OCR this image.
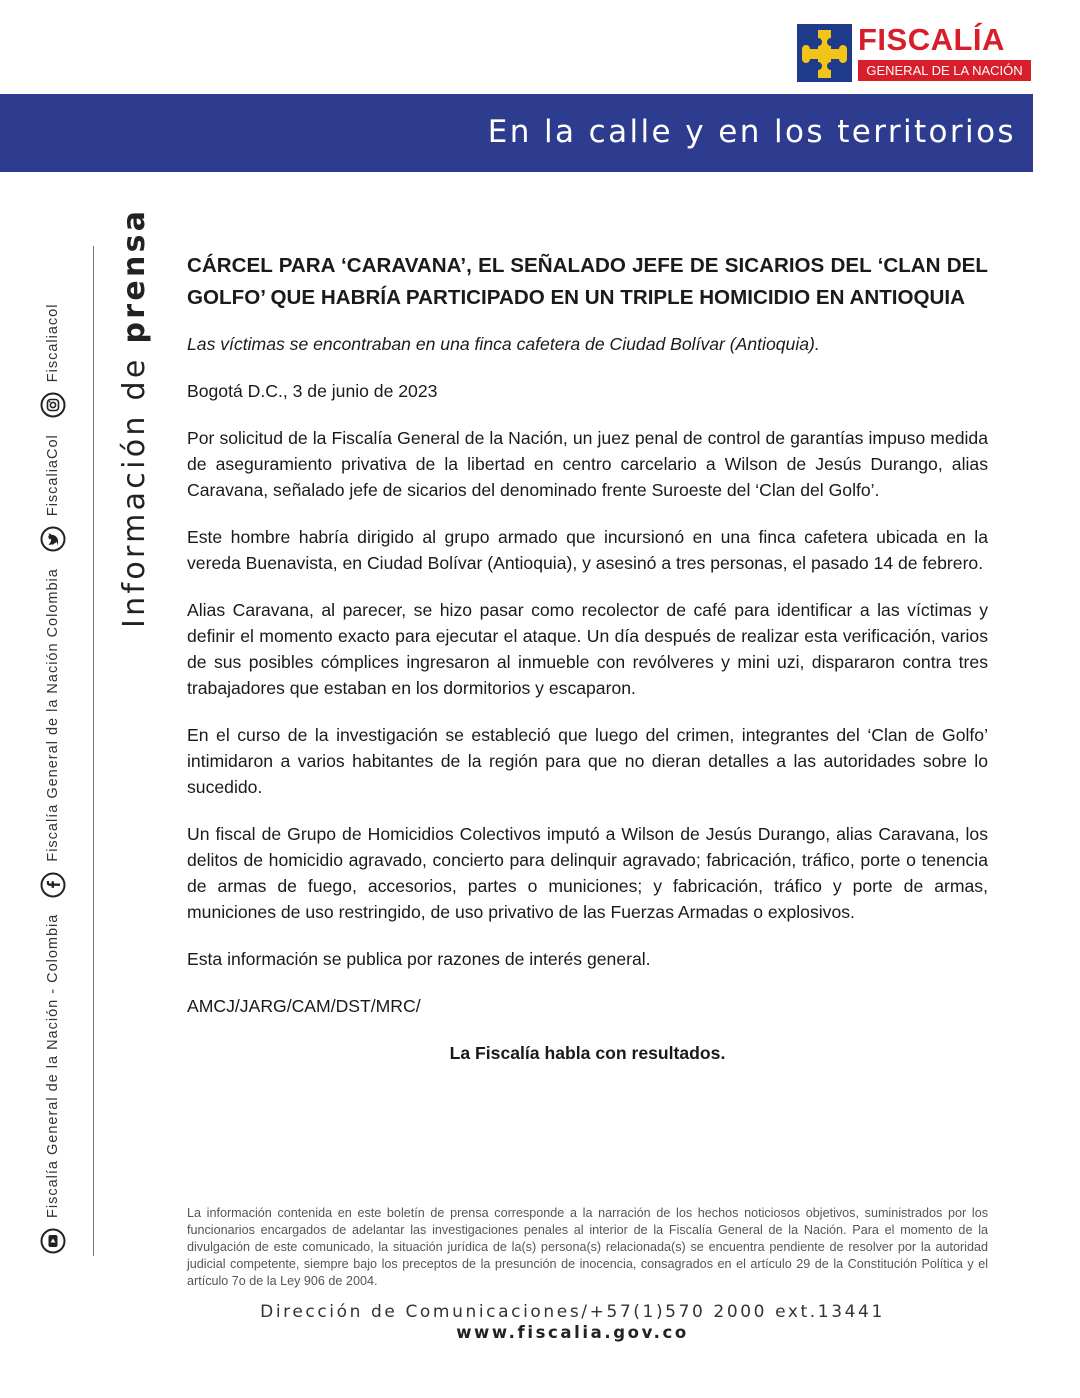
FISCALÍA
GENERAL DE LA NACIÓN
En la calle y en los territorios
Fiscalía General de la Nación - Colombia
Fiscalía General de la Nación Colombia
FiscaliaCol
Fiscaliacol
Información de prensa CÁRCEL PARA ‘CARAVANA’, EL SEÑALADO JEFE DE SICARIOS DEL ‘CLAN DEL GOLFO’ QUE HABRÍA PARTICIPADO EN UN TRIPLE HOMICIDIO EN ANTIOQUIA

Las víctimas se encontraban en una finca cafetera de Ciudad Bolívar (Antioquia).

Bogotá D.C., 3 de junio de 2023

Por solicitud de la Fiscalía General de la Nación, un juez penal de control de garantías impuso medida de aseguramiento privativa de la libertad en centro carcelario a Wilson de Jesús Durango, alias Caravana, señalado jefe de sicarios del denominado frente Suroeste del ‘Clan del Golfo’.

Este hombre habría dirigido al grupo armado que incursionó en una finca cafetera ubicada en la vereda Buenavista, en Ciudad Bolívar (Antioquia), y asesinó a tres personas, el pasado 14 de febrero.

Alias Caravana, al parecer, se hizo pasar como recolector de café para identificar a las víctimas y definir el momento exacto para ejecutar el ataque. Un día después de realizar esta verificación, varios de sus posibles cómplices ingresaron al inmueble con revólveres y mini uzi, dispararon contra tres trabajadores que estaban en los dormitorios y escaparon.

En el curso de la investigación se estableció que luego del crimen, integrantes del ‘Clan de Golfo’ intimidaron a varios habitantes de la región para que no dieran detalles a las autoridades sobre lo sucedido.

Un fiscal de Grupo de Homicidios Colectivos imputó a Wilson de Jesús Durango, alias Caravana, los delitos de homicidio agravado, concierto para delinquir agravado; fabricación, tráfico, porte o tenencia de armas de fuego, accesorios, partes o municiones; y fabricación, tráfico y porte de armas, municiones de uso restringido, de uso privativo de las Fuerzas Armadas o explosivos.

Esta información se publica por razones de interés general.

AMCJ/JARG/CAM/DST/MRC/

La Fiscalía habla con resultados.

La información contenida en este boletín de prensa corresponde a la narración de los hechos noticiosos objetivos, suministrados por los funcionarios encargados de adelantar las investigaciones penales al interior de la Fiscalía General de la Nación. Para el momento de la divulgación de este comunicado, la situación jurídica de la(s) persona(s) relacionada(s) se encuentra pendiente de resolver por la autoridad judicial competente, siempre bajo los preceptos de la presunción de inocencia, consagrados en el artículo 29 de la Constitución Política y el artículo 7o de la Ley 906 de 2004.
Dirección de Comunicaciones/+57(1)570 2000 ext.13441
www.fiscalia.gov.co
